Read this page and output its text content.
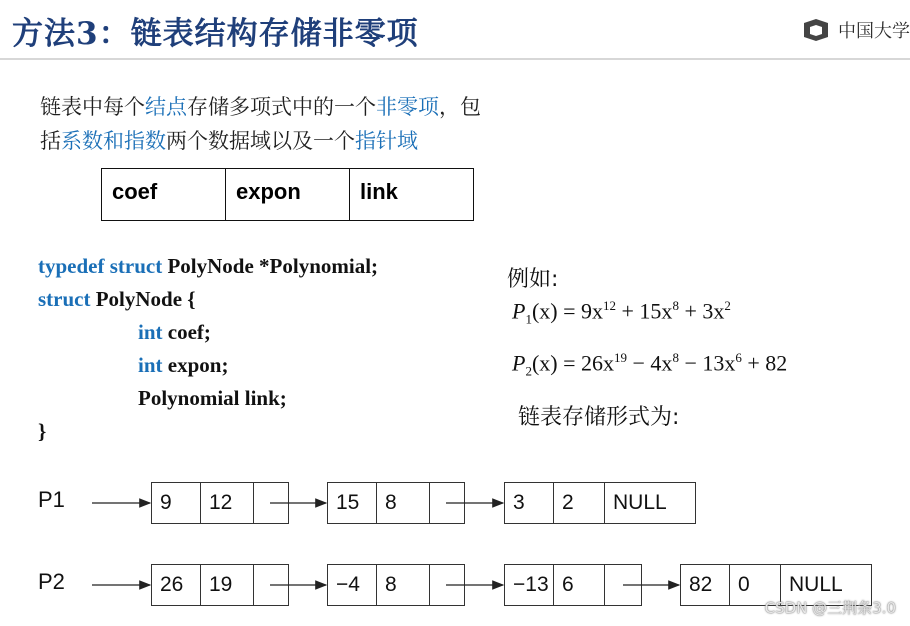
方法3：链表结构存储非零项	中国大学
链表中每个结点存储多项式中的一个非零项，包
括系数和指数两个数据域以及一个指针域
coef	expon	link
typedef struct PolyNode *Polynomial;
struct PolyNode {
int coef;
int expon;
Polynomial link;
}
例如:
$P_1(x) = 9x^{12} + 15x^8 + 3x^2$
$P_2(x) = 26x^{19} - 4x^8 - 13x^6 + 82$
链表存储形式为:
P1	9	12	15	8	3	2	NULL
P2	26	19	−4	8	−13 6	82	0	NULL
CSDN @三荆条3.0
